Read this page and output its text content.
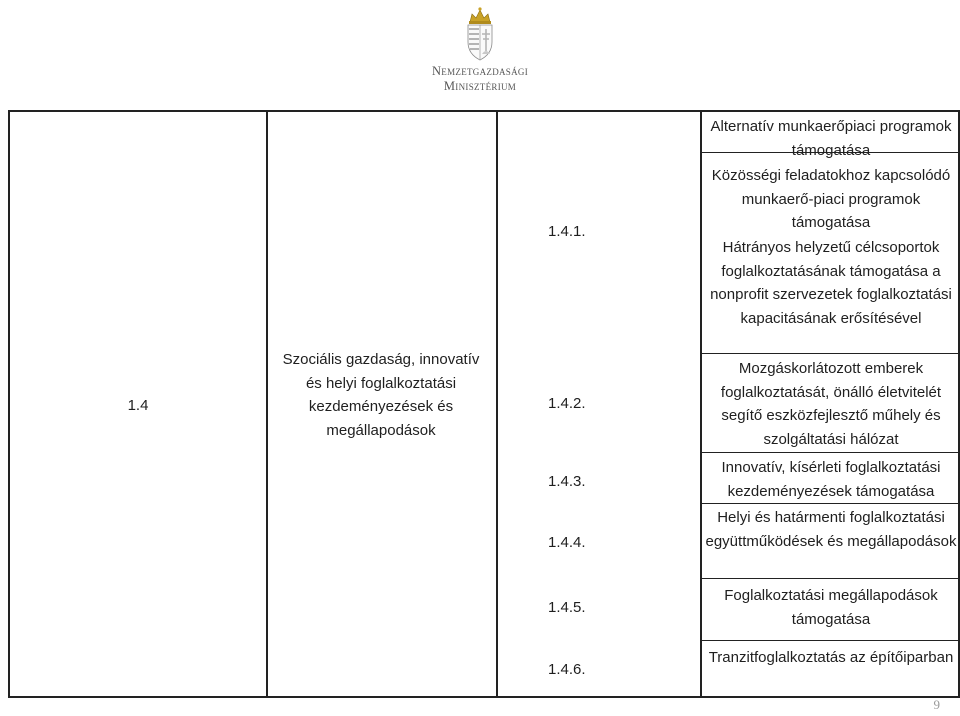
Nemzetgazdasági
Minisztérium
1.4
Szociális gazdaság, innovatív és helyi foglalkoztatási kezdeményezések és megállapodások
1.4.1.
1.4.2.
1.4.3.
1.4.4.
1.4.5.
1.4.6.
Alternatív munkaerőpiaci programok támogatása
Közösségi feladatokhoz kapcsolódó munkaerő-piaci programok támogatása
Hátrányos helyzetű célcsoportok foglalkoztatásának támogatása a nonprofit szervezetek foglalkoztatási kapacitásának erősítésével
Mozgáskorlátozott emberek foglalkoztatását, önálló életvitelét segítő eszközfejlesztő műhely és szolgáltatási hálózat
Innovatív, kísérleti foglalkoztatási kezdeményezések támogatása
Helyi és határmenti foglalkoztatási együttműködések és megállapodások
Foglalkoztatási megállapodások támogatása
Tranzitfoglalkoztatás az építőiparban
9
